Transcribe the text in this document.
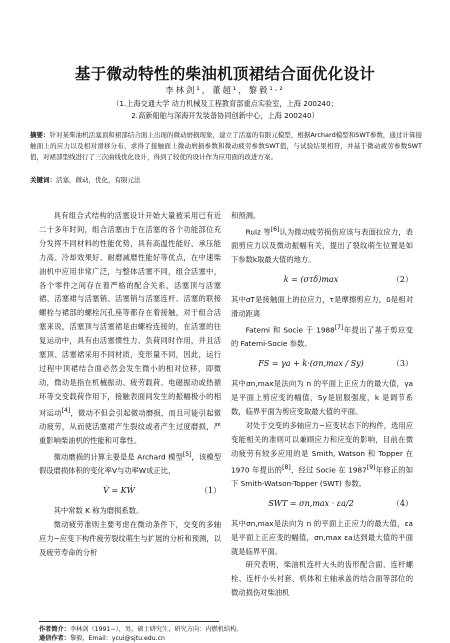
基于微动特性的柴油机顶裙结合面优化设计
李林剑¹，董超¹，黎毅¹·²
（1.上海交通大学 动力机械及工程教育部重点实验室，上海 200240；
2.高新船舶与深海开发装备协同创新中心，上海 200240）
摘要：针对某柴油机活塞顶和裙部结合面上出现的微动磨损现象，建立了活塞的有限元模型，根据Archard模型和SWT参数，通过计算接触面上的应力以及相对滑移分布，求得了接触面上微动磨损参数和微动疲劳参数SWT值，与试验结果相符，并基于微动疲劳参数SWT值，对裙部型线进行了三次曲线优化设计，得到了较优的设计作为应用面的改进方案。
关键词：活塞，微动，优化，有限元法

具有组合式结构的活塞设计开始大量被采用已有近二十多年时间，组合活塞由于在活塞的各个功能部位充分发挥不同材料的性能优势，具有高温性能好、承压能力高、冷却效果好、耐磨减磨性能好等优点，在中速柴油机中应用非常广泛，与整体活塞不同，组合活塞中，各个零件之间存在着严格的配合关系，活塞顶与活塞裙、活塞裙与活塞销、活塞销与活塞连杆、活塞的联接螺栓与裙部的螺栓沉孔座等都存在着接触，对于组合活塞来说，活塞顶与活塞裙是由螺栓连接的，在活塞的往复运动中，具有由活塞惯性力、负荷同时作用，并且活塞顶、活塞裙采用不同材质，变形量不同，因此，运行过程中顶裙结合面必然会发生微小的相对位移，即微动，微动是指在机械振动、疲劳载荷、电磁振动或热循环等交变载荷作用下，接触表面间发生的振幅极小的相对运动[4]，微动不但会引起微动磨损，而且可能引起微动疲劳，从而使活塞裙产生裂纹或者产生过度磨损，严重影响柴油机的性能和可靠性。

微动磨损的计算主要是是 Archard 模型[5]，该模型假设磨损体积的变化率V与功率W成正比，

V̇ = KẆ	（1）

其中常数 K 称为磨损系数。

微动疲劳准则主要考虑在微动条件下，交变的多轴应力−应变下构件疲劳裂纹萌生与扩展的分析和预测，以及疲劳寿命的分析

和预测。

Ruiz 等[6]认为微动疲劳损伤应该与表面拉应力，表面剪应力以及微动振幅有关，提出了裂纹萌生位置是如下参数k取最大值的地方。

k = (στδ)max	（2）

其中σT是接触面上的拉应力，τ是摩擦剪应力，δ是相对滑动距离

Fatemi 和 Socie 于 1988[7]年提出了基于剪应变的 Fatemi-Socie 参数。

FS = γa + k·(σn,max / Sy)	（3）

其中σn,max是法向为 n 的平面上正应力的最大值，γa是平面上剪应变的幅值，Sy是屈服强度，k 是调节系数，临界平面为剪应变取最大值的平面。

对处于交变的多轴应力−应变状态下的构件，选用应变能相关的准则可以兼顾应力和应变的影响，目前在微动疲劳有较多应用的是 Smith, Watson 和 Topper 在 1970 年提出的[8]，经过 Socie 在 1987[9]年修正的如下 Smith-Watson-Topper (SWT) 参数。

SWT = σn,max · εa/2	（4）

其中σn,max是法向为 n 的平面上正应力的最大值，εa是平面上正应变的幅值，σn,max εa达到最大值的平面就是临界平面。

研究表明，柴油机连杆大头的齿形配合面、连杆螺栓、连杆小头衬套、机体和主轴承盖的结合面等部位的微动损伤对柴油机

作者简介：李林剑（1991−），男，硕士研究生，研究方向：内燃机结构。
通信作者：黎毅，Email：ycui@sjtu.edu.cn
